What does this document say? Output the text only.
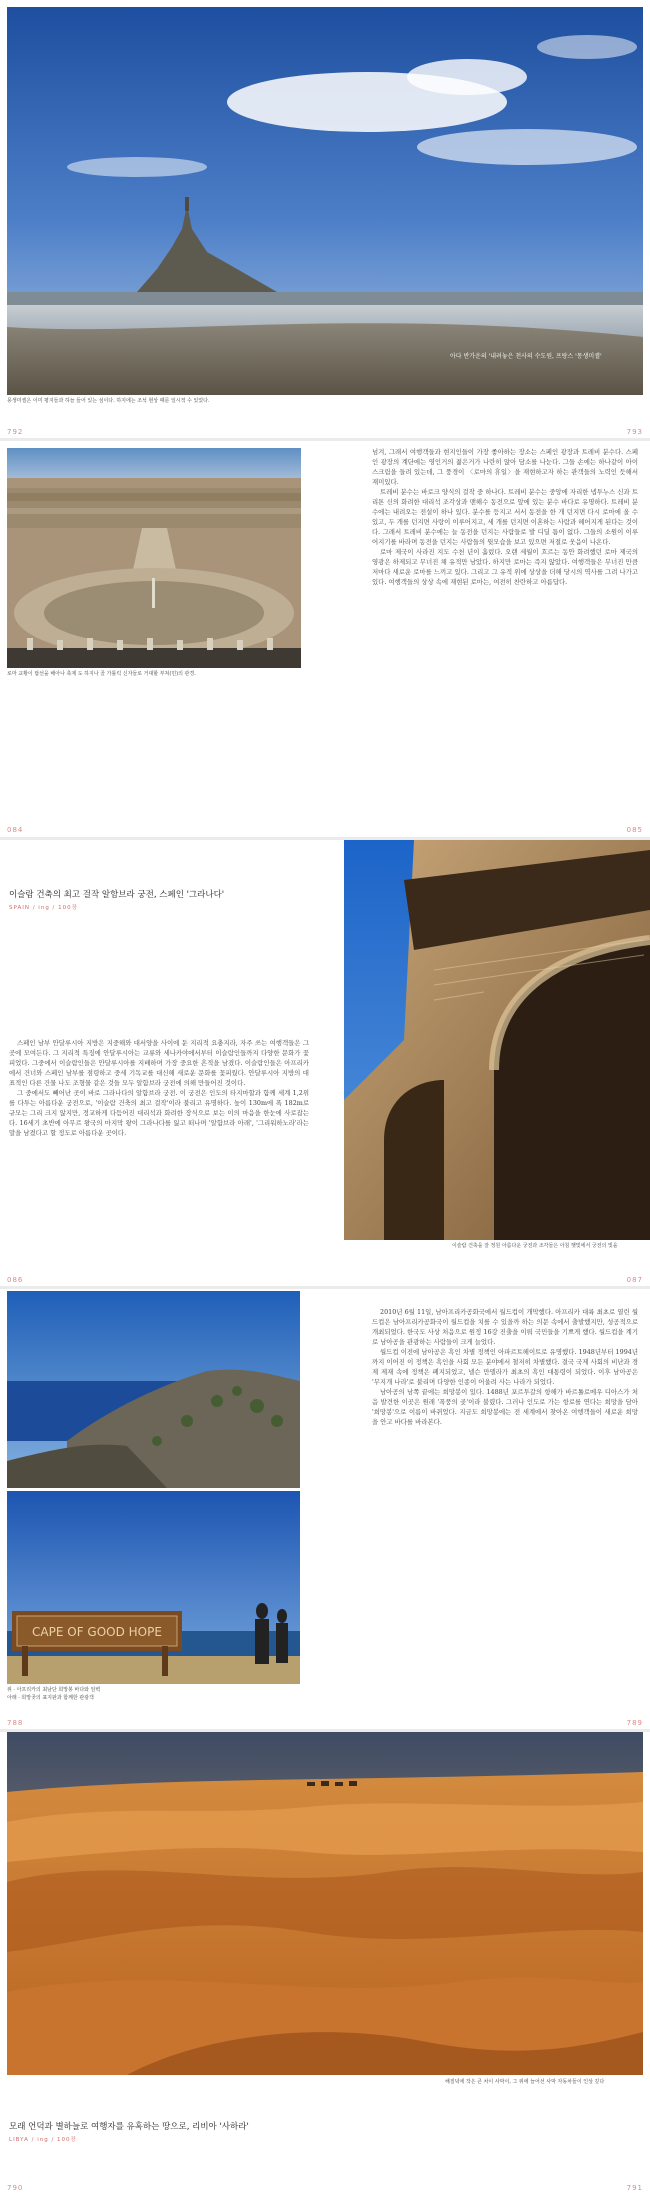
아다 반가운의 '내려놓은 천사의 수도원, 프랑스 '몽생미셸'
몽생미셸은 이미 평지들과 하늘 들어 있는 섬이다. 하지에는 조석 현상 때문 일시적 수 있었다.
792	793
로마 교황이 탑선을 배아나 축제 도 하지나 골 가톨릭 신자들로 거대할 부쳐(민)의 관경.

넘겨, 그래서 여행객들과 현지인들이 가장 좋아하는 장소는 스페인 광장과 트레비 분수다. 스페인 광장의 계단에는 영인거의 젊은거가 나란히 앉아 담소를 나눈다. 그들 손에는 하나같이 아이스크림을 들려 있는데, 그 풍경이 〈로마의 휴일〉을 재현하고자 하는 관객들의 노력인 듯해서 재미있다.

트레비 분수는 바로크 양식의 걸작 중 하나다. 트레비 분수는 중앙에 자리한 넵투누스 신과 트리톤 신의 화려한 대리석 조각상과 맨해수 동전으로 앞에 있는 분수 바다로 유명하다. 트레비 분수에는 내려오는 전설이 하나 있다. 분수를 등지고 서서 동전을 한 개 던지면 다시 로마에 올 수 있고, 두 개를 던지면 사랑이 이루어지고, 세 개를 던지면 이혼하는 사람과 헤어지게 된다는 것이다. 그래서 트레비 분수에는 늘 동전을 던지는 사람들로 발 디딜 틈이 없다. 그들의 소원이 이루어지기를 바라며 동전을 던지는 사람들의 뒷모습을 보고 있으면 저절로 웃음이 나온다.

로마 제국이 사라진 지도 수천 년이 흘렀다. 오랜 세월이 흐르는 동안 화려했던 로마 제국의 영광은 하제되고 무너진 채 유적만 남았다. 하지만 로마는 즉지 않았다. 여행객들은 무너진 만큼 저마다 새로운 로마를 느끼고 있다. 그리고 그 유적 위에 상상을 더해 당시의 역사를 그려 나가고 있다. 여행객들의 상상 속에 재현된 로마는, 여전히 찬란하고 아름답다.

084	085
이슬람 건축의 최고 걸작 알함브라 궁전, 스페인 '그라나다'
SPAIN / ing / 100장

스페인 남부 안달루시아 지방은 지중해와 대서양을 사이에 둔 지리적 요충지라, 자주 쓰는 여행객들은 그곳에 모여든다. 그 지리적 특징에 안달루시아는 교류와 세나카야에서부터 이슬람인들까지 다양한 문화가 꽃피었다. 그중에서 이슬람인들은 안달루시아를 지배하며 가장 중요한 흔적을 남겼다. 이슬람인들은 아프리카에서 건너와 스페인 남부를 점령하고 중세 기독교를 대신해 새로운 문화를 꽃피웠다. 안달루시아 지방의 대표적인 다른 건물 나도 조형물 같은 것들 모두 알함브라 궁전에 의해 만들어진 것이다.

그 중에서도 빼어난 곳이 바로 그라나다의 알함브라 궁전. 이 궁전은 인도의 타지마할과 함께 세계 1,2위를 다투는 아름다운 궁전으로, '이슬람 건축의 최고 걸작'이라 불리고 유명하다. 높이 130m에 폭 182m로 규모는 그리 크지 않지만, 정교하게 다듬어진 대리석과 화려한 장식으로 보는 이의 마음을 한눈에 사로잡는다. 16세기 초반에 아무르 왕국의 마지막 왕이 그라나다를 잃고 떠나며 '알함브라 아래', '그리워하노라'라는 말을 남겼다고 할 정도로 아름다운 곳이다.

이슬람 건축을 잘 정원 아름다운 궁전과 조각들은 아침 햇빛에서 궁전의 빛을
086	087
CAPE OF GOOD HOPE
위 · 아프리카의 최남단 희망봉 바다와 암벽
아래 · 희망곶의 표지판과 함께한 관광객

2010년 6월 11일, 남아프리카공화국에서 월드컵이 개막했다. 아프리카 대륙 최초로 열린 월드컵은 남아프리카공화국이 월드컵을 치를 수 있을까 하는 의문 속에서 출발했지만, 성공적으로 개최되었다. 한국도 사상 처음으로 원정 16강 진출을 이뤄 국민들을 기쁘게 했다. 월드컵을 계기로 남아공을 관광하는 사람들이 크게 늘었다.

월드컵 이전에 남아공은 흑인 차별 정책인 아파르트헤이트로 유명했다. 1948년부터 1994년까지 이어진 이 정책은 흑인을 사회 모든 분야에서 철저히 차별했다. 결국 국제 사회의 비난과 경제 제재 속에 정책은 폐지되었고, 넬슨 만델라가 최초의 흑인 대통령이 되었다. 이후 남아공은 '무지개 나라'로 불리며 다양한 인종이 어울려 사는 나라가 되었다.

남아공의 남쪽 끝에는 희망봉이 있다. 1488년 포르투갈의 항해가 바르톨로메우 디아스가 처음 발견한 이곳은 원래 '폭풍의 곶'이라 불렸다. 그러나 인도로 가는 항로를 연다는 희망을 담아 '희망봉'으로 이름이 바뀌었다. 지금도 희망봉에는 전 세계에서 찾아온 여행객들이 새로운 희망을 안고 바다를 바라본다.

788	789
해질녘에 작은 큰 차이 사막이, 그 위에 늘어선 사막 자동차들이 인상 깊다
모래 언덕과 별하늘로 여행자를 유혹하는 땅으로, 리비아 '사하라'
LIBYA / ing / 100장
790	791
